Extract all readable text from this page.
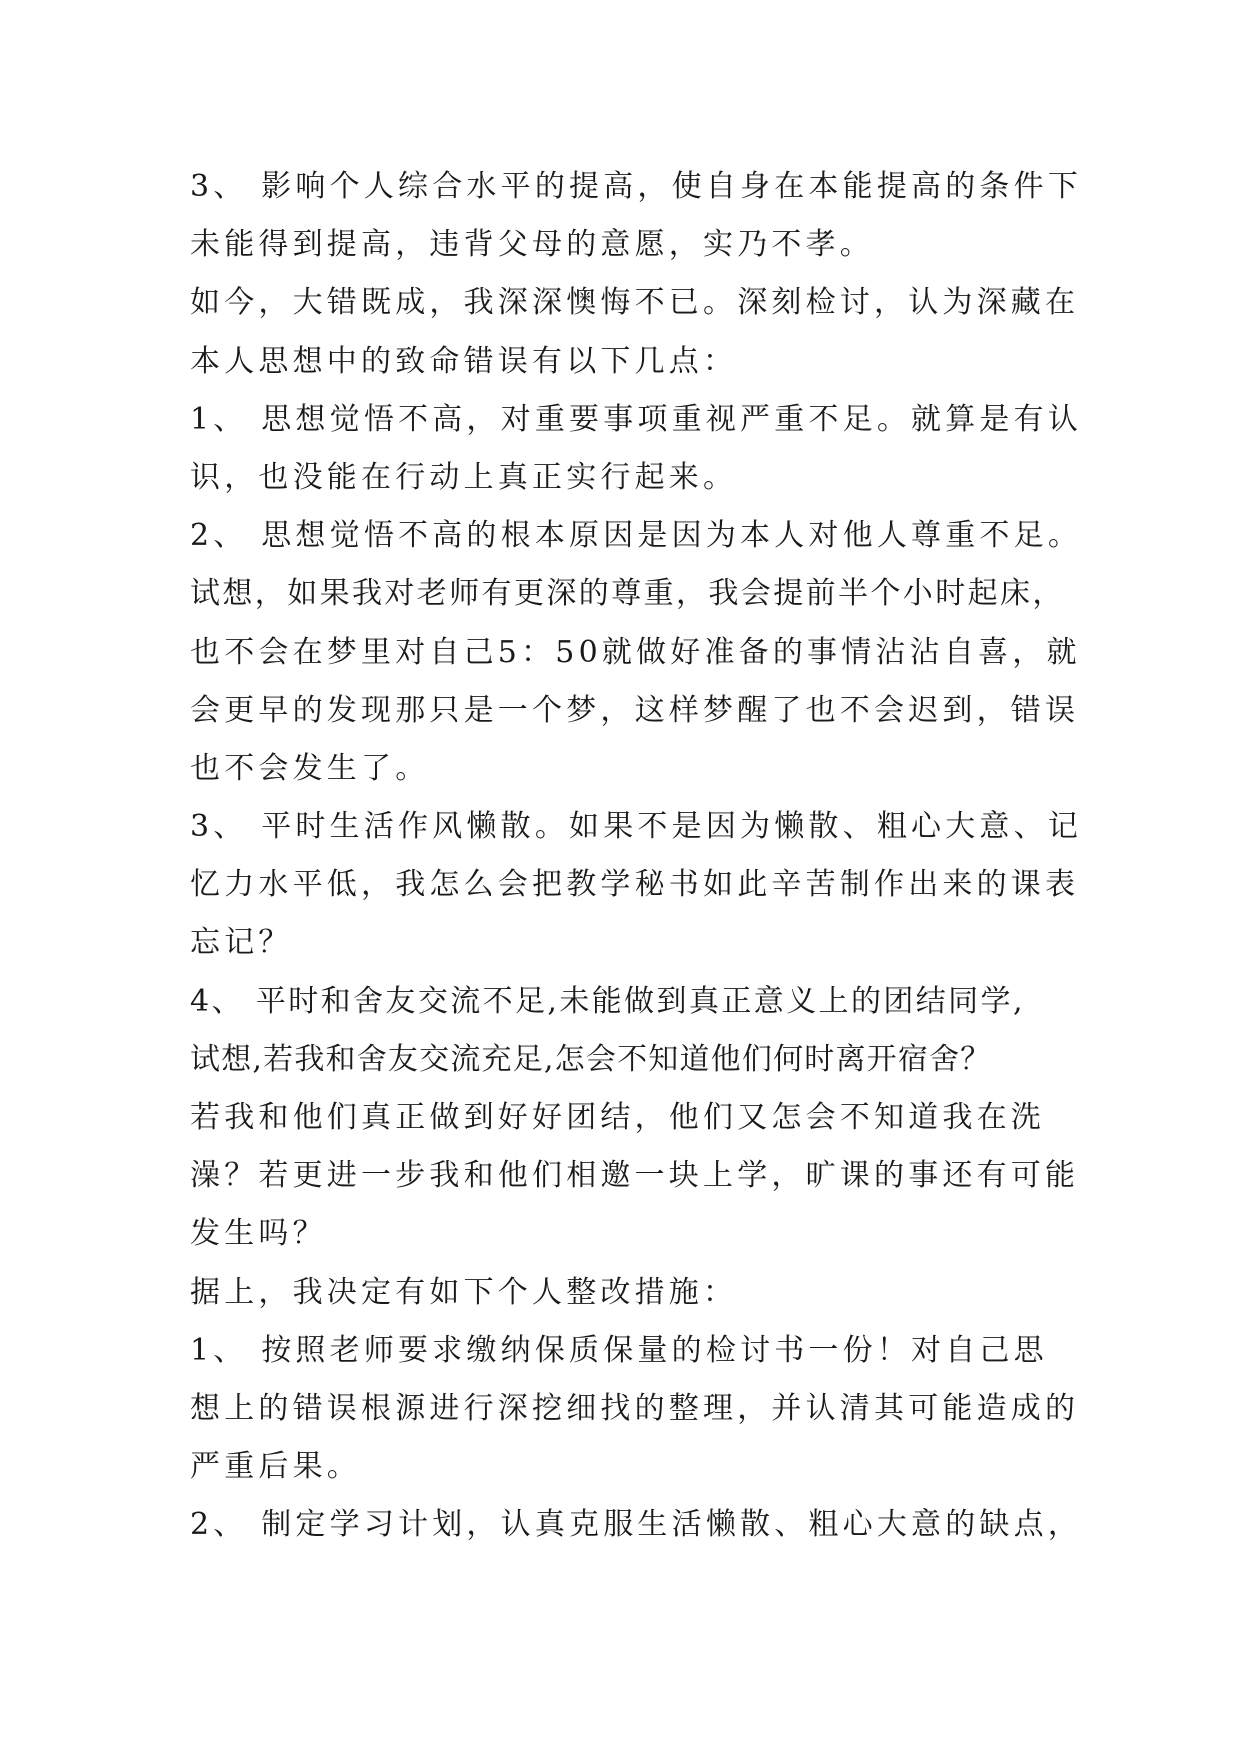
3、 影响个人综合水平的提高，使自身在本能提高的条件下
未能得到提高，违背父母的意愿，实乃不孝。
如今，大错既成，我深深懊悔不已。深刻检讨，认为深藏在
本人思想中的致命错误有以下几点：
1、 思想觉悟不高，对重要事项重视严重不足。就算是有认
识，也没能在行动上真正实行起来。
2、 思想觉悟不高的根本原因是因为本人对他人尊重不足。
试想，如果我对老师有更深的尊重，我会提前半个小时起床，
也不会在梦里对自己5：50就做好准备的事情沾沾自喜，就
会更早的发现那只是一个梦，这样梦醒了也不会迟到，错误
也不会发生了。
3、 平时生活作风懒散。如果不是因为懒散、粗心大意、记
忆力水平低，我怎么会把教学秘书如此辛苦制作出来的课表
忘记？
4、 平时和舍友交流不足,未能做到真正意义上的团结同学,
试想,若我和舍友交流充足,怎会不知道他们何时离开宿舍？
若我和他们真正做到好好团结，他们又怎会不知道我在洗
澡？若更进一步我和他们相邀一块上学，旷课的事还有可能
发生吗？
据上，我决定有如下个人整改措施：
1、 按照老师要求缴纳保质保量的检讨书一份！对自己思
想上的错误根源进行深挖细找的整理，并认清其可能造成的
严重后果。
2、 制定学习计划，认真克服生活懒散、粗心大意的缺点，
